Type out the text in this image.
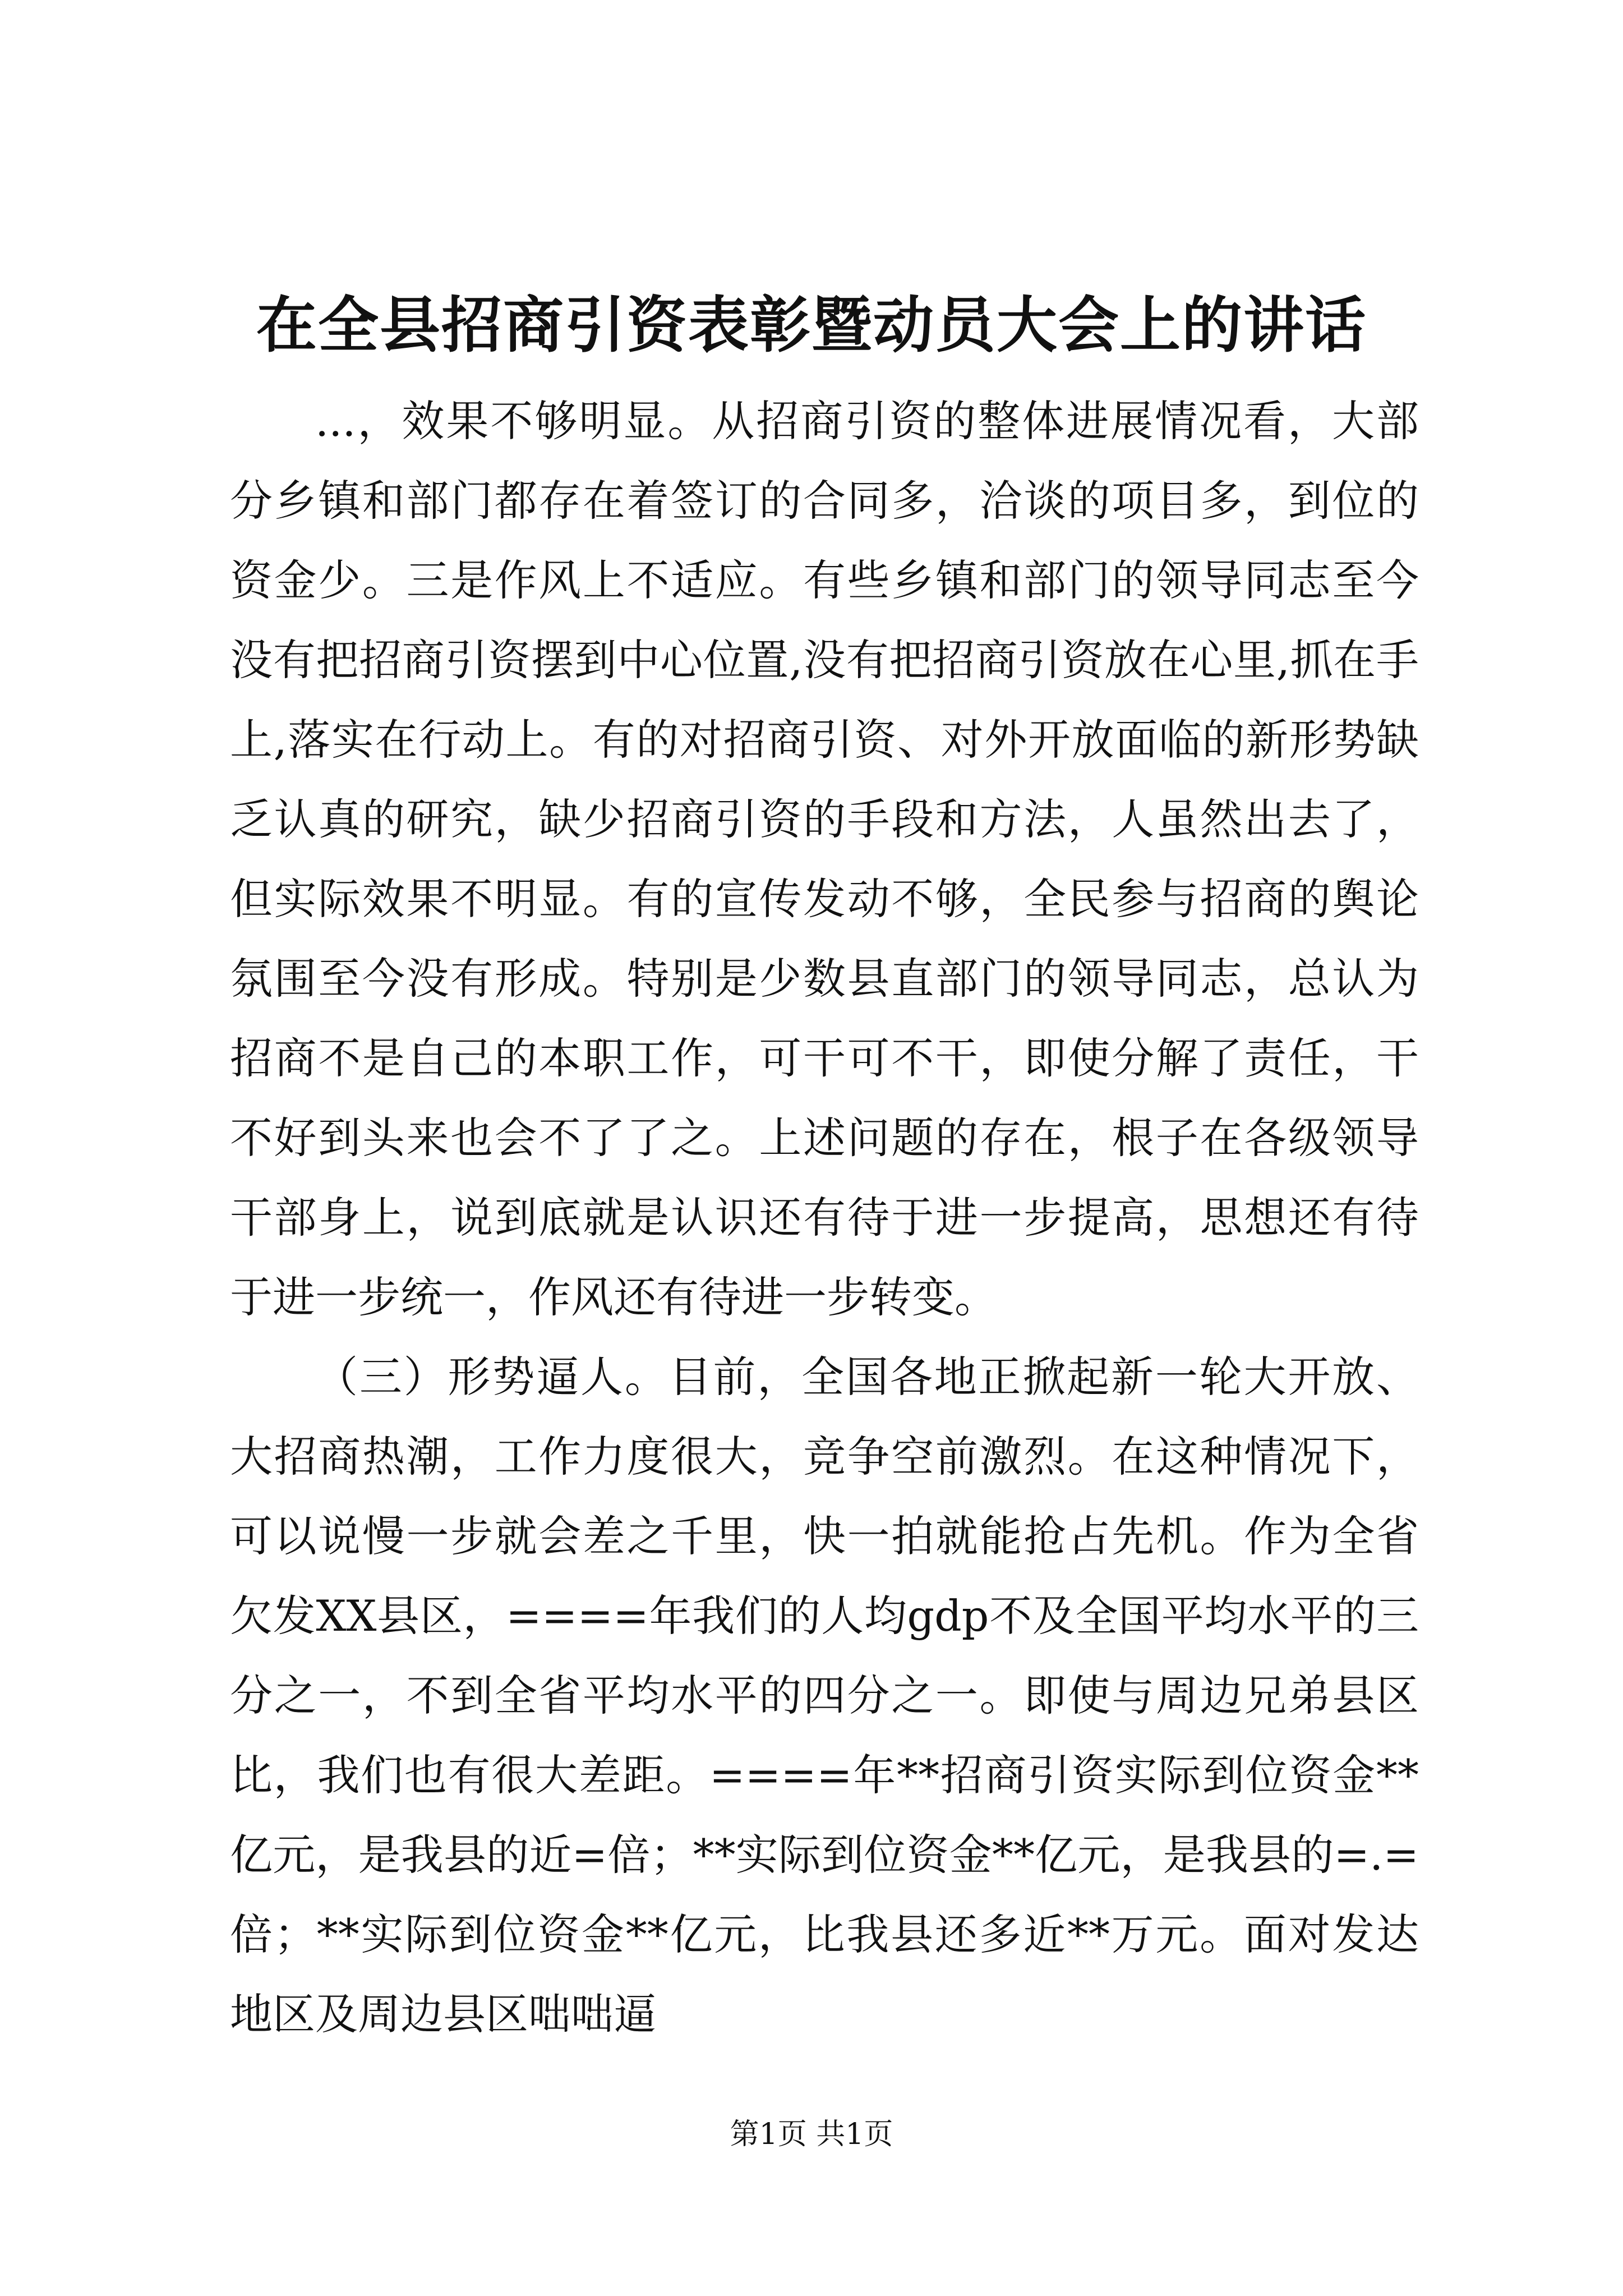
在全县招商引资表彰暨动员大会上的讲话

...，效果不够明显。从招商引资的整体进展情况看，大部分乡镇和部门都存在着签订的合同多，洽谈的项目多，到位的资金少。三是作风上不适应。有些乡镇和部门的领导同志至今没有把招商引资摆到中心位置,没有把招商引资放在心里,抓在手上,落实在行动上。有的对招商引资、对外开放面临的新形势缺乏认真的研究，缺少招商引资的手段和方法，人虽然出去了，但实际效果不明显。有的宣传发动不够，全民参与招商的舆论氛围至今没有形成。特别是少数县直部门的领导同志，总认为招商不是自己的本职工作，可干可不干，即使分解了责任，干不好到头来也会不了了之。上述问题的存在，根子在各级领导干部身上，说到底就是认识还有待于进一步提高，思想还有待于进一步统一，作风还有待进一步转变。

（三）形势逼人。目前，全国各地正掀起新一轮大开放、大招商热潮，工作力度很大，竞争空前激烈。在这种情况下，可以说慢一步就会差之千里，快一拍就能抢占先机。作为全省欠发XX县区，====年我们的人均gdp不及全国平均水平的三分之一，不到全省平均水平的四分之一。即使与周边兄弟县区比，我们也有很大差距。====年**招商引资实际到位资金**亿元，是我县的近=倍；**实际到位资金**亿元，是我县的=.=倍；**实际到位资金**亿元，比我县还多近**万元。面对发达地区及周边县区咄咄逼

第1页 共1页
